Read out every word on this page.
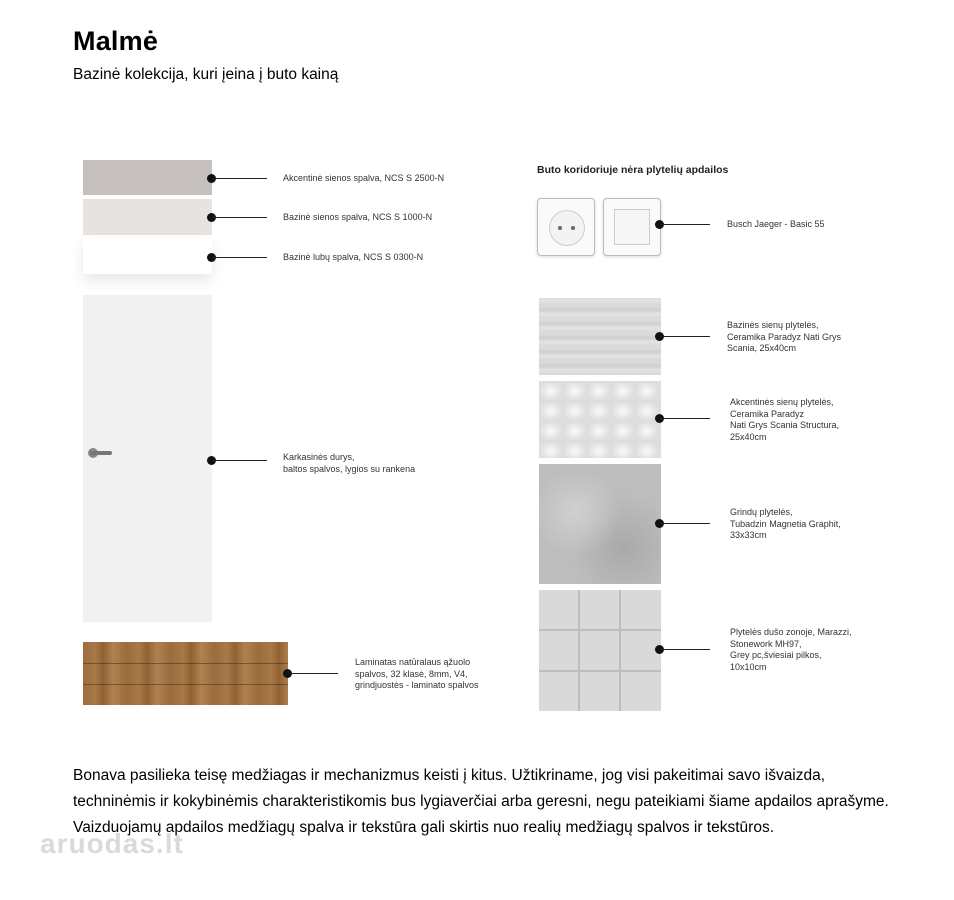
Malmė
Bazinė kolekcija, kuri įeina į buto kainą
Akcentinė sienos spalva, NCS S 2500-N
Bazinė sienos spalva, NCS S 1000-N
Bazinė lubų spalva, NCS S 0300-N
Karkasinės durys,
baltos spalvos, lygios su rankena
Laminatas natūralaus ąžuolo
spalvos, 32 klasė, 8mm, V4,
grindjuostės - laminato spalvos
Buto koridoriuje nėra plytelių apdailos
Busch Jaeger - Basic 55
Bazinės sienų plytelės,
Ceramika Paradyz Nati Grys
Scania, 25x40cm
Akcentinės sienų plytelės,
Ceramika Paradyz
Nati Grys Scania Structura,
25x40cm
Grindų plytelės,
Tubadzin Magnetia Graphit,
33x33cm
Plytelės dušo zonoje, Marazzi,
Stonework MH97,
Grey pc,šviesiai pilkos,
10x10cm
Bonava pasilieka teisę medžiagas ir mechanizmus keisti į kitus. Užtikriname, jog visi pakeitimai savo išvaizda, techninėmis ir kokybinėmis charakteristikomis bus lygiaverčiai arba geresni, negu pateikiami šiame apdailos aprašyme. Vaizduojamų apdailos medžiagų spalva ir tekstūra gali skirtis nuo realių medžiagų spalvos ir tekstūros.
aruodas.lt
